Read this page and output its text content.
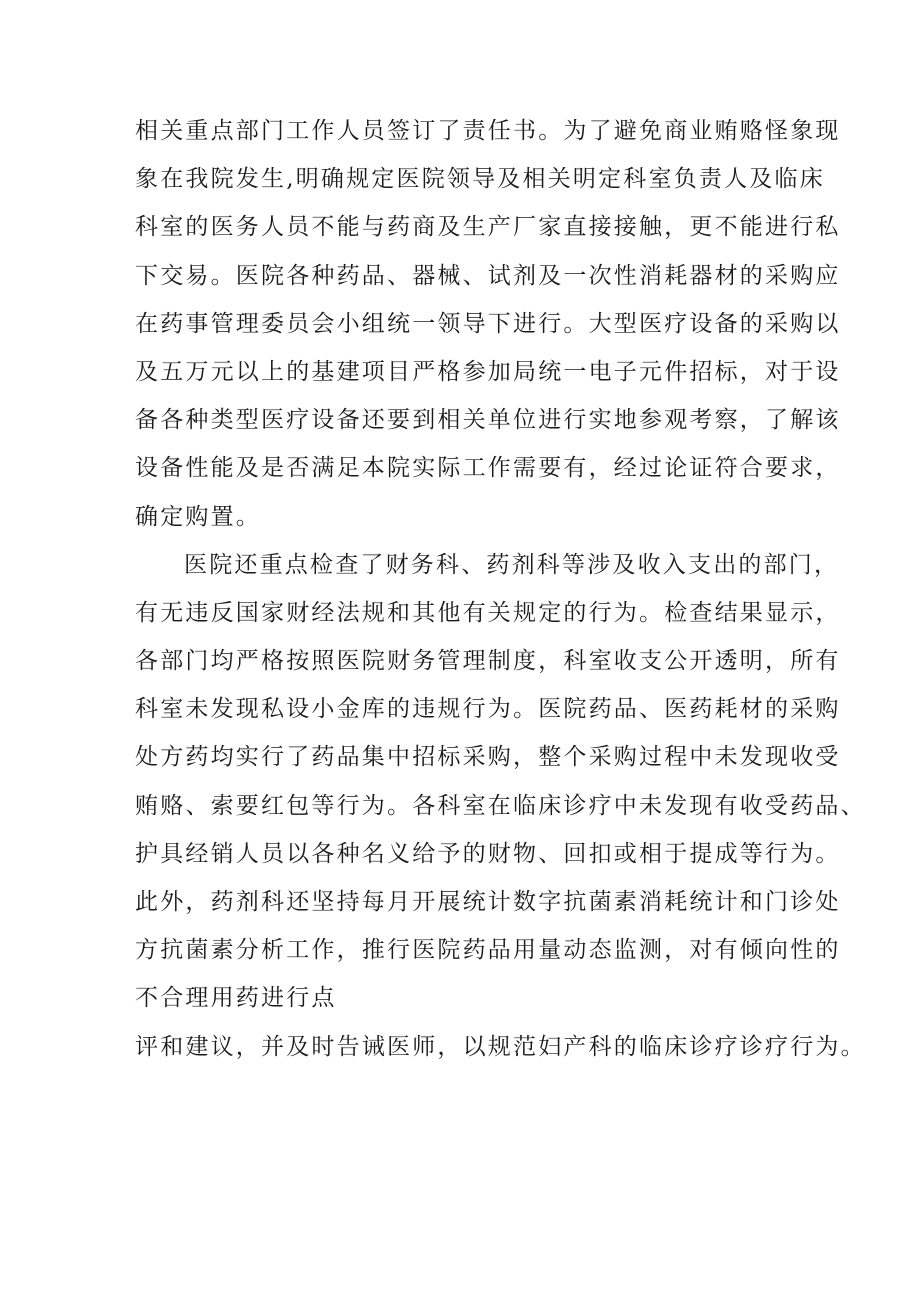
相关重点部门工作人员签订了责任书。为了避免商业贿赂怪象现
象在我院发生,明确规定医院领导及相关明定科室负责人及临床
科室的医务人员不能与药商及生产厂家直接接触，更不能进行私
下交易。医院各种药品、器械、试剂及一次性消耗器材的采购应
在药事管理委员会小组统一领导下进行。大型医疗设备的采购以
及五万元以上的基建项目严格参加局统一电子元件招标，对于设
备各种类型医疗设备还要到相关单位进行实地参观考察，了解该
设备性能及是否满足本院实际工作需要有，经过论证符合要求，
确定购置。
医院还重点检查了财务科、药剂科等涉及收入支出的部门，
有无违反国家财经法规和其他有关规定的行为。检查结果显示，
各部门均严格按照医院财务管理制度，科室收支公开透明，所有
科室未发现私设小金库的违规行为。医院药品、医药耗材的采购
处方药均实行了药品集中招标采购，整个采购过程中未发现收受
贿赂、索要红包等行为。各科室在临床诊疗中未发现有收受药品、
护具经销人员以各种名义给予的财物、回扣或相于提成等行为。
此外，药剂科还坚持每月开展统计数字抗菌素消耗统计和门诊处
方抗菌素分析工作，推行医院药品用量动态监测，对有倾向性的
不合理用药进行点
评和建议，并及时告诫医师，以规范妇产科的临床诊疗诊疗行为。
